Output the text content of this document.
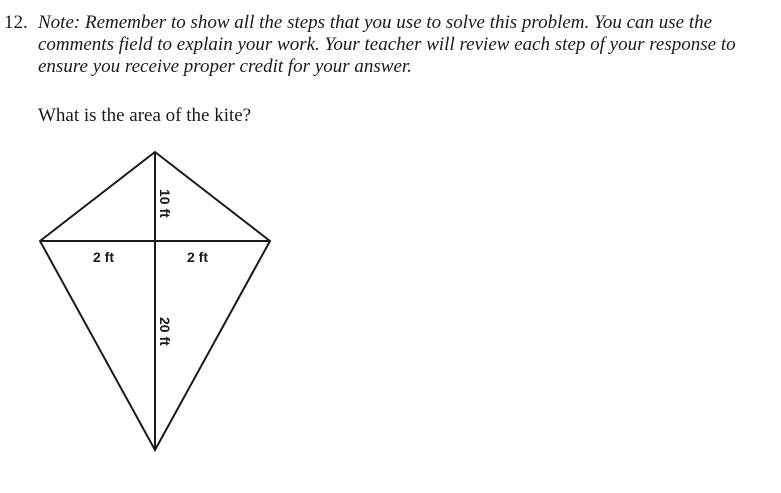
12. Note: Remember to show all the steps that you use to solve this problem. You can use the comments field to explain your work. Your teacher will review each step of your response to ensure you receive proper credit for your answer.
What is the area of the kite?
2 ft	2 ft
10 ft
20 ft
